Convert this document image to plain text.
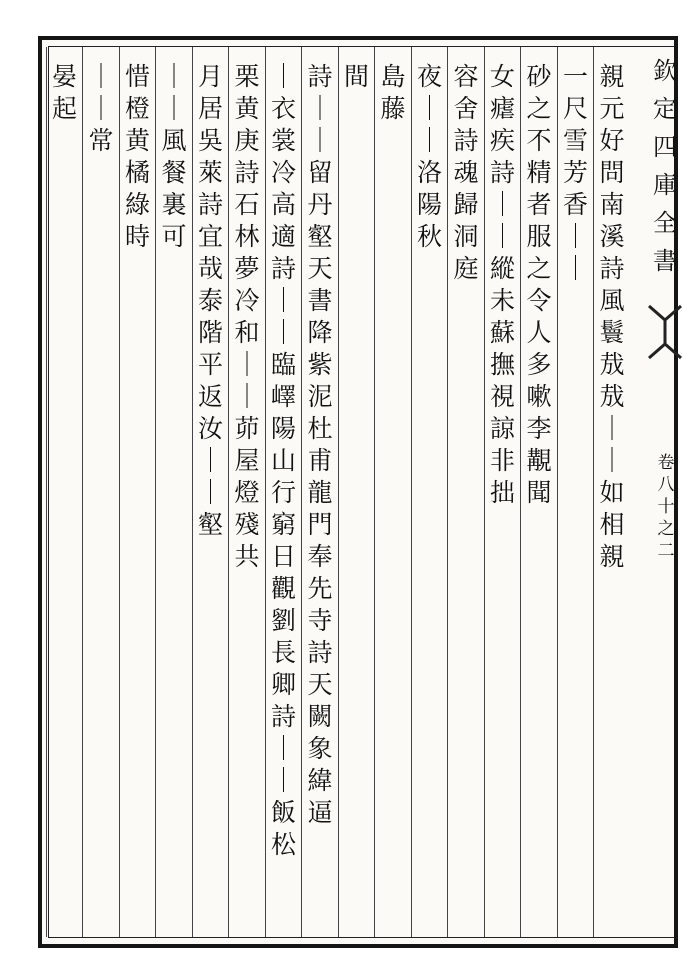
親
元
好
問
南
溪
詩
風
鬟
㦲
㦲
｜
｜
如
相
親
一
尺
雪
芳
香
｜
｜
砂
之
不
精
者
服
之
令
人
多
嗽
李
覯
聞
女
瘧
疾
詩
｜
｜
縱
未
蘇
撫
視
諒
非
拙
容
舍
詩
魂
歸
洞
庭
夜
｜
｜
洛
陽
秋
島
藤
間
詩
｜
｜
留
丹
壑
天
書
降
紫
泥
杜
甫
龍
門
奉
先
寺
詩
天
闕
象
緯
逼
｜
衣
裳
冷
高
適
詩
｜
｜
臨
嶧
陽
山
行
窮
日
觀
劉
長
卿
詩
｜
｜
飯
松
栗
黄
庚
詩
石
林
夢
冷
和
｜
｜
茆
屋
燈
殘
共
月
居
吳
萊
詩
宜
哉
泰
階
平
返
汝
｜
｜
壑
｜
｜
風
餐
裏
可
惜
橙
黄
橘
綠
時
｜
｜
常
晏
起
欽
定
四
庫
全
書
卷
八
十
之
二
